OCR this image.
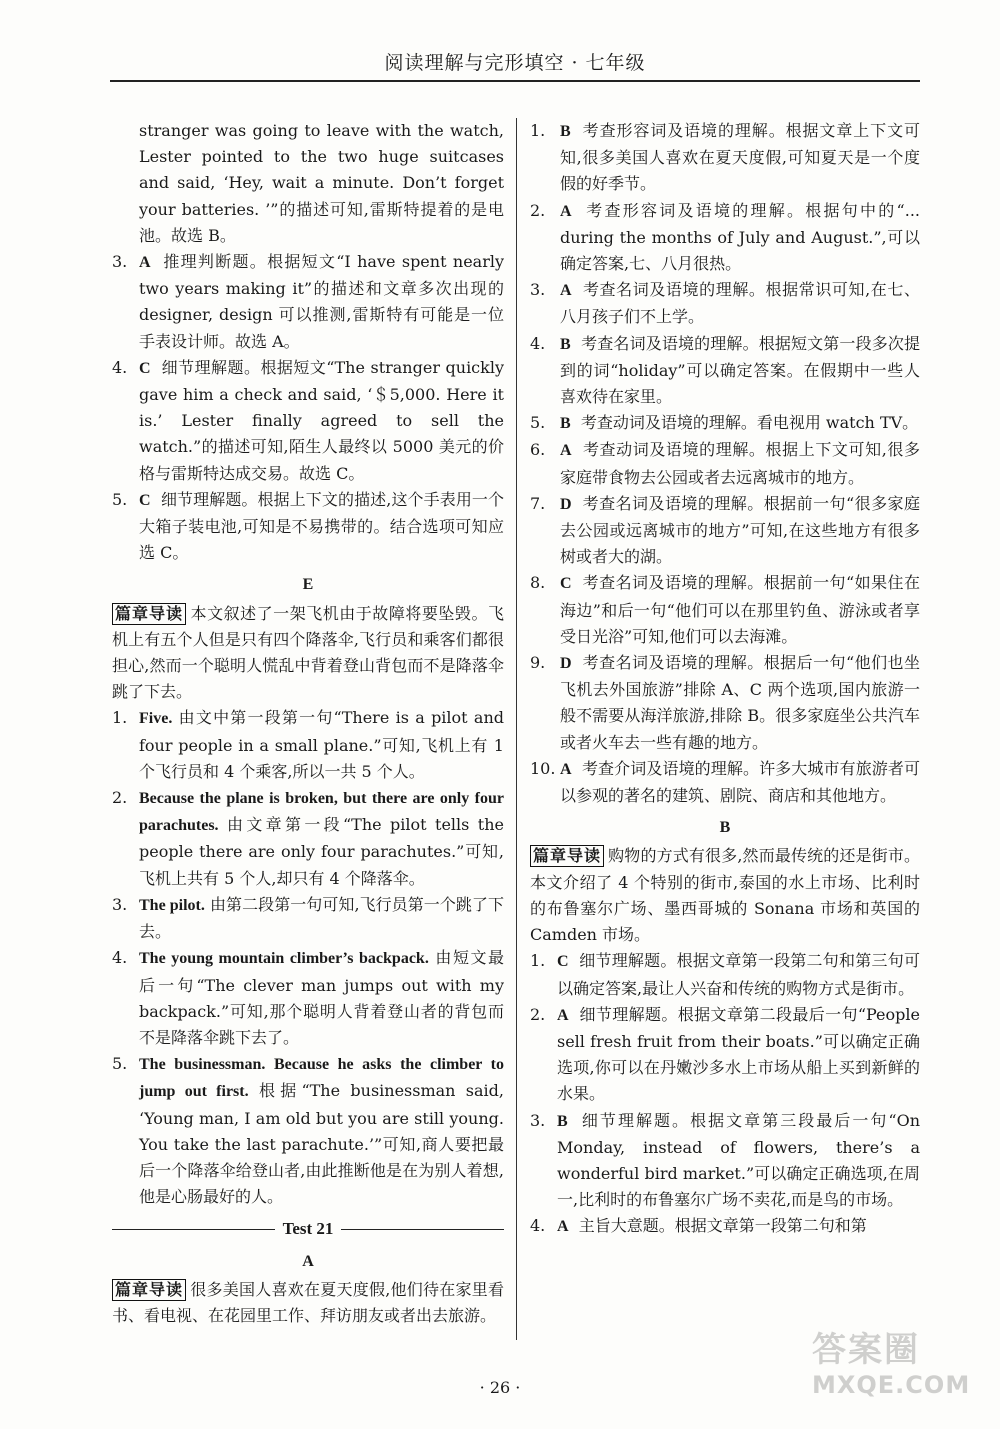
阅读理解与完形填空 · 七年级

stranger was going to leave with the watch, Lester pointed to the two huge suitcases and said, ‘Hey, wait a minute. Don’t forget your batteries. ’”的描述可知,雷斯特提着的是电池。故选 B。

3. A 推理判断题。根据短文“I have spent nearly two years making it”的描述和文章多次出现的 designer, design 可以推测,雷斯特有可能是一位手表设计师。故选 A。
4. C 细节理解题。根据短文“The stranger quickly gave him a check and said, ‘＄5,000. Here it is.’ Lester finally agreed to sell the watch.”的描述可知,陌生人最终以 5000 美元的价格与雷斯特达成交易。故选 C。
5. C 细节理解题。根据上下文的描述,这个手表用一个大箱子装电池,可知是不易携带的。结合选项可知应选 C。
E

篇章导读 本文叙述了一架飞机由于故障将要坠毁。飞机上有五个人但是只有四个降落伞,飞行员和乘客们都很担心,然而一个聪明人慌乱中背着登山背包而不是降落伞跳了下去。

1. Five. 由文中第一段第一句“There is a pilot and four people in a small plane.”可知,飞机上有 1 个飞行员和 4 个乘客,所以一共 5 个人。
2. Because the plane is broken, but there are only four parachutes. 由文章第一段“The pilot tells the people there are only four parachutes.”可知,飞机上共有 5 个人,却只有 4 个降落伞。
3. The pilot. 由第二段第一句可知,飞行员第一个跳了下去。
4. The young mountain climber’s backpack. 由短文最后一句“The clever man jumps out with my backpack.”可知,那个聪明人背着登山者的背包而不是降落伞跳下去了。
5. The businessman. Because he asks the climber to jump out first. 根据“The businessman said, ‘Young man, I am old but you are still young. You take the last parachute.’”可知,商人要把最后一个降落伞给登山者,由此推断他是在为别人着想,他是心肠最好的人。
Test 21
A

篇章导读 很多美国人喜欢在夏天度假,他们待在家里看书、看电视、在花园里工作、拜访朋友或者出去旅游。

1. B 考查形容词及语境的理解。根据文章上下文可知,很多美国人喜欢在夏天度假,可知夏天是一个度假的好季节。
2. A 考查形容词及语境的理解。根据句中的“... during the months of July and August.”,可以确定答案,七、八月很热。
3. A 考查名词及语境的理解。根据常识可知,在七、八月孩子们不上学。
4. B 考查名词及语境的理解。根据短文第一段多次提到的词“holiday”可以确定答案。在假期中一些人喜欢待在家里。
5. B 考查动词及语境的理解。看电视用 watch TV。
6. A 考查动词及语境的理解。根据上下文可知,很多家庭带食物去公园或者去远离城市的地方。
7. D 考查名词及语境的理解。根据前一句“很多家庭去公园或远离城市的地方”可知,在这些地方有很多树或者大的湖。
8. C 考查名词及语境的理解。根据前一句“如果住在海边”和后一句“他们可以在那里钓鱼、游泳或者享受日光浴”可知,他们可以去海滩。
9. D 考查名词及语境的理解。根据后一句“他们也坐飞机去外国旅游”排除 A、C 两个选项,国内旅游一般不需要从海洋旅游,排除 B。很多家庭坐公共汽车或者火车去一些有趣的地方。
10. A 考查介词及语境的理解。许多大城市有旅游者可以参观的著名的建筑、剧院、商店和其他地方。
B

篇章导读 购物的方式有很多,然而最传统的还是街市。本文介绍了 4 个特别的街市,泰国的水上市场、比利时的布鲁塞尔广场、墨西哥城的 Sonana 市场和英国的 Camden 市场。

1. C 细节理解题。根据文章第一段第二句和第三句可以确定答案,最让人兴奋和传统的购物方式是街市。
2. A 细节理解题。根据文章第二段最后一句“People sell fresh fruit from their boats.”可以确定正确选项,你可以在丹嫩沙多水上市场从船上买到新鲜的水果。
3. B 细节理解题。根据文章第三段最后一句“On Monday, instead of flowers, there’s a wonderful bird market.”可以确定正确选项,在周一,比利时的布鲁塞尔广场不卖花,而是鸟的市场。
4. A 主旨大意题。根据文章第一段第二句和第
· 26 ·
答案圈
MXQE.COM
